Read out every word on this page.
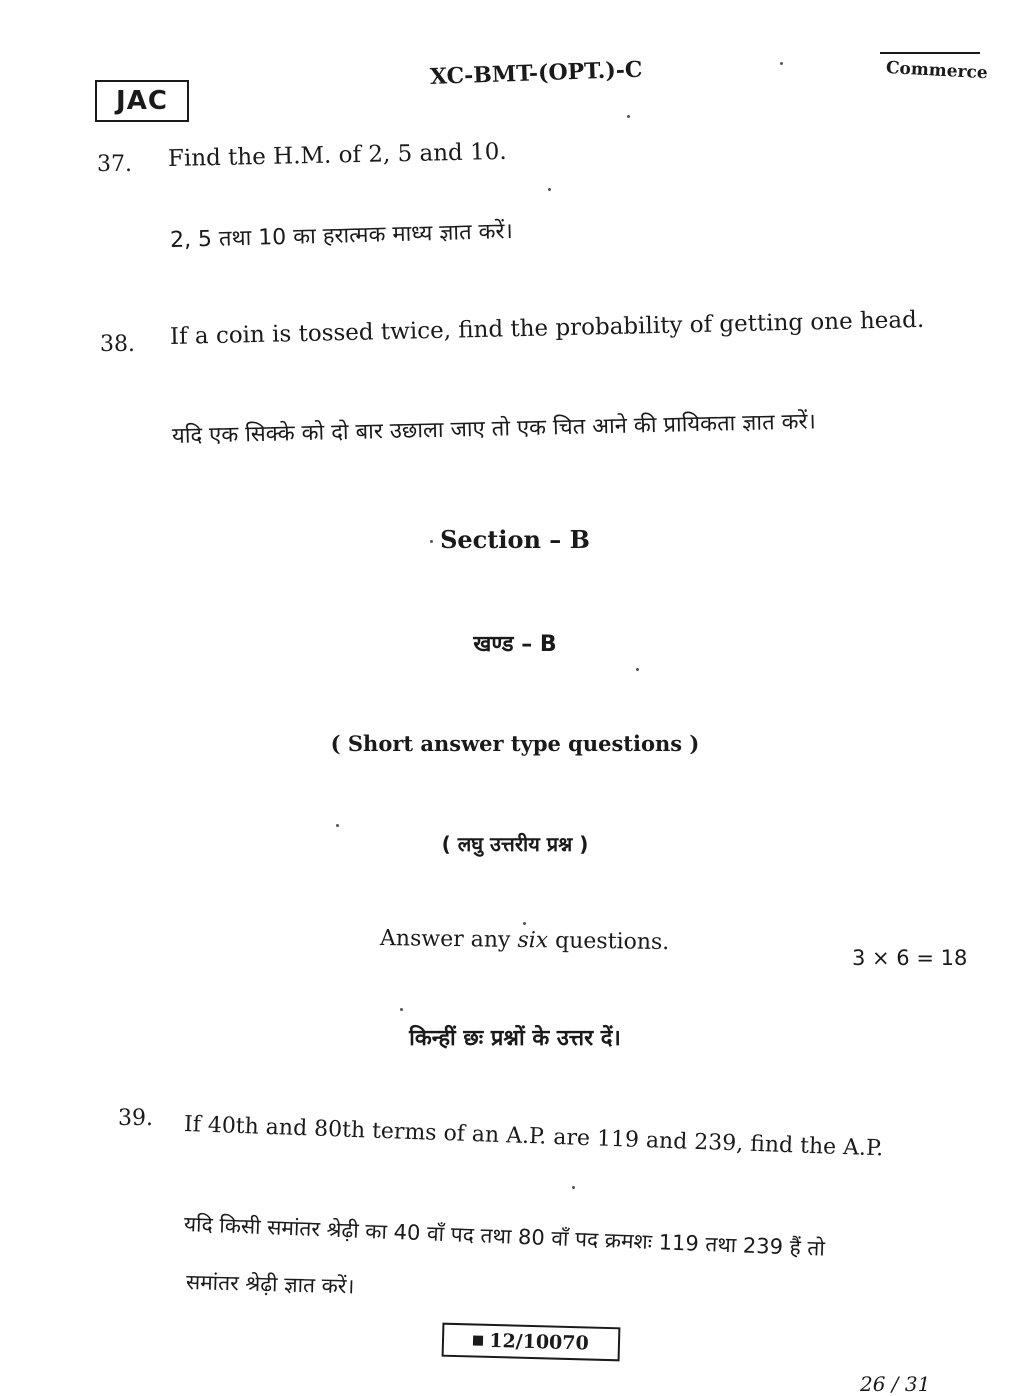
JAC
XC-BMT-(OPT.)-C	Commerce
37. Find the H.M. of 2, 5 and 10.
2, 5 तथा 10 का हरात्मक माध्य ज्ञात करें।
38. If a coin is tossed twice, find the probability of getting one head.
यदि एक सिक्के को दो बार उछाला जाए तो एक चित आने की प्रायिकता ज्ञात करें।
Section – B
खण्ड – B
( Short answer type questions )
( लघु उत्तरीय प्रश्न )
Answer any six questions.
3 × 6 = 18
किन्हीं छः प्रश्नों के उत्तर दें।
39. If 40th and 80th terms of an A.P. are 119 and 239, find the A.P.
यदि किसी समांतर श्रेढ़ी का 40 वाँ पद तथा 80 वाँ पद क्रमशः 119 तथा 239 हैं तो
समांतर श्रेढ़ी ज्ञात करें।
12/10070
26 / 31
